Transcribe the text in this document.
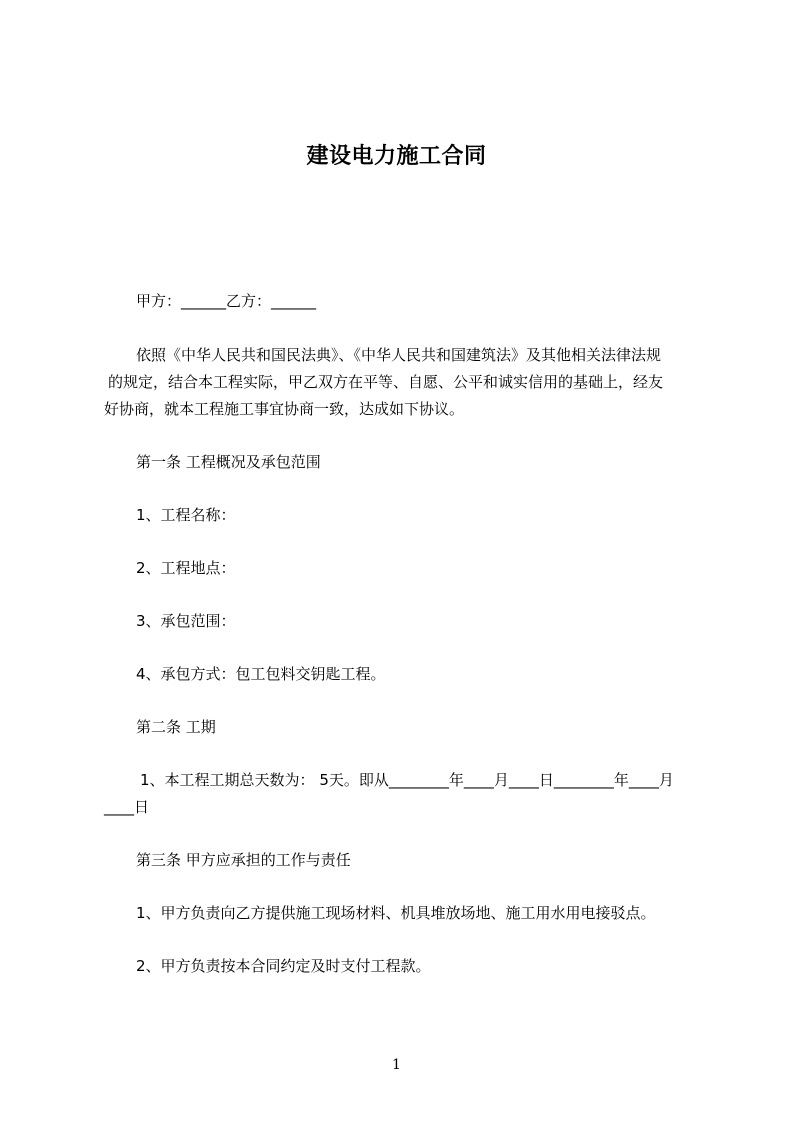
建设电力施工合同
甲方：______乙方：______
依照《中华人民共和国民法典》、《中华人民共和国建筑法》及其他相关法律法规
的规定，结合本工程实际，甲乙双方在平等、自愿、公平和诚实信用的基础上，经友
好协商，就本工程施工事宜协商一致，达成如下协议。
第一条 工程概况及承包范围
1、工程名称：
2、工程地点：
3、承包范围：
4、承包方式：包工包料交钥匙工程。
第二条 工期
1、本工程工期总天数为： 5天。即从________年____月____日________年____月
____日
第三条 甲方应承担的工作与责任
1、甲方负责向乙方提供施工现场材料、机具堆放场地、施工用水用电接驳点。
2、甲方负责按本合同约定及时支付工程款。
1
